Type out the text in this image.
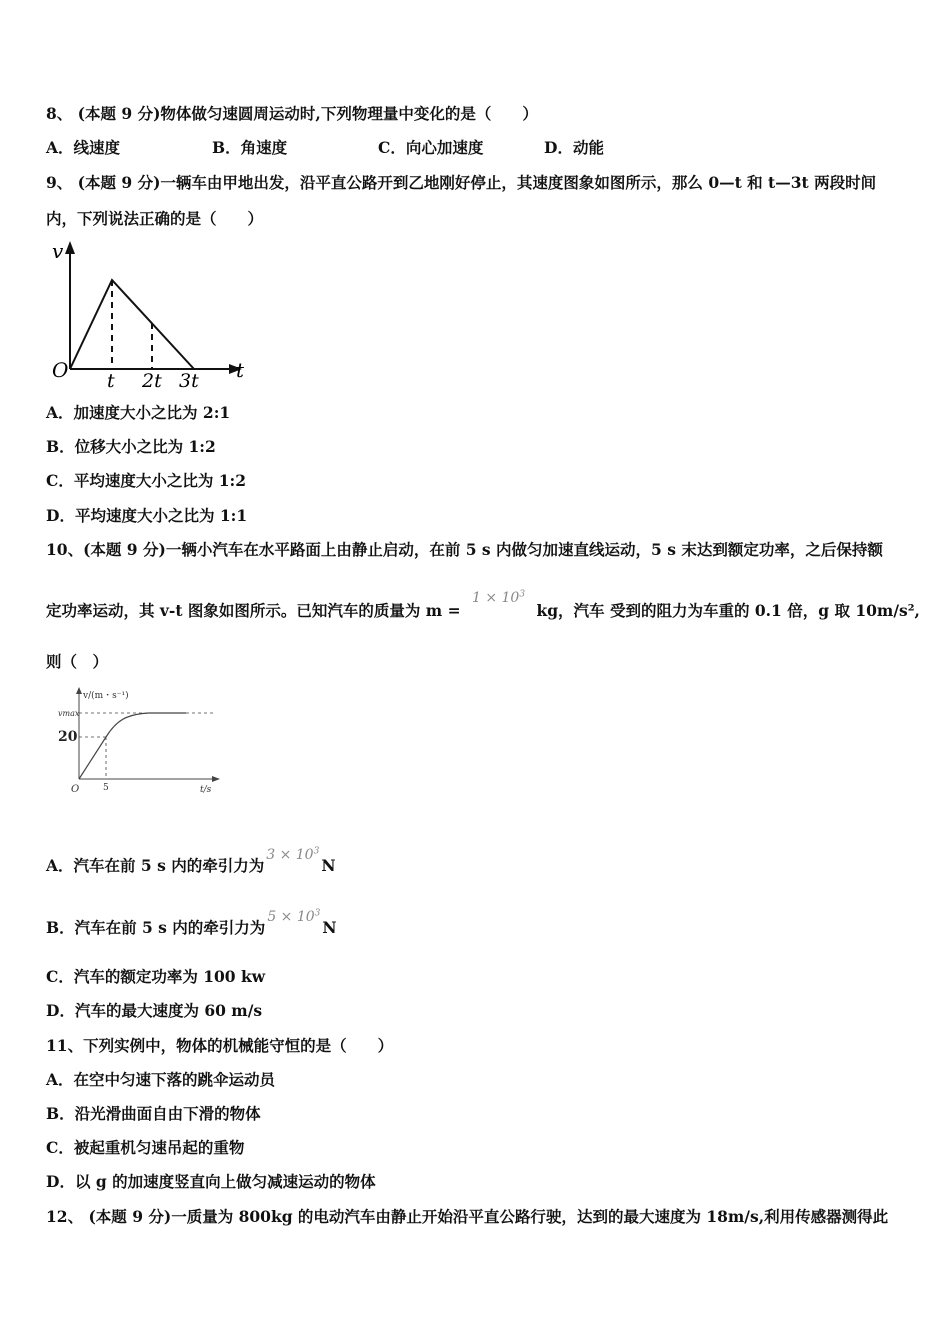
8、 (本题 9 分)物体做匀速圆周运动时,下列物理量中变化的是（　　）
A．线速度	B．角速度	C．向心加速度	D．动能
9、 (本题 9 分)一辆车由甲地出发，沿平直公路开到乙地刚好停止，其速度图象如图所示，那么 0—t 和 t—3t 两段时间
内，下列说法正确的是（　　）
v
O	t
t 2t 3t
A．加速度大小之比为 2:1
B．位移大小之比为 1:2
C．平均速度大小之比为 1:2
D．平均速度大小之比为 1:1
10、(本题 9 分)一辆小汽车在水平路面上由静止启动，在前 5 s 内做匀加速直线运动，5 s 末达到额定功率，之后保持额
定功率运动，其 v-t 图象如图所示。已知汽车的质量为 $m = 1 \times 10^3$ kg，汽车 受到的阻力为车重的 0.1 倍，g 取 10m/s²,
则（　）
v/(m・s⁻¹)
vmax
20
O	5	t/s
A．汽车在前 5 s 内的牵引力为$3 \times 10^3N$
B．汽车在前 5 s 内的牵引力为$5 \times 10^3N$
C．汽车的额定功率为 100 kw
D．汽车的最大速度为 60 m/s
11、下列实例中，物体的机械能守恒的是（　　）
A．在空中匀速下落的跳伞运动员
B．沿光滑曲面自由下滑的物体
C．被起重机匀速吊起的重物
D．以 g 的加速度竖直向上做匀减速运动的物体
12、 (本题 9 分)一质量为 800kg 的电动汽车由静止开始沿平直公路行驶，达到的最大速度为 18m/s,利用传感器测得此
